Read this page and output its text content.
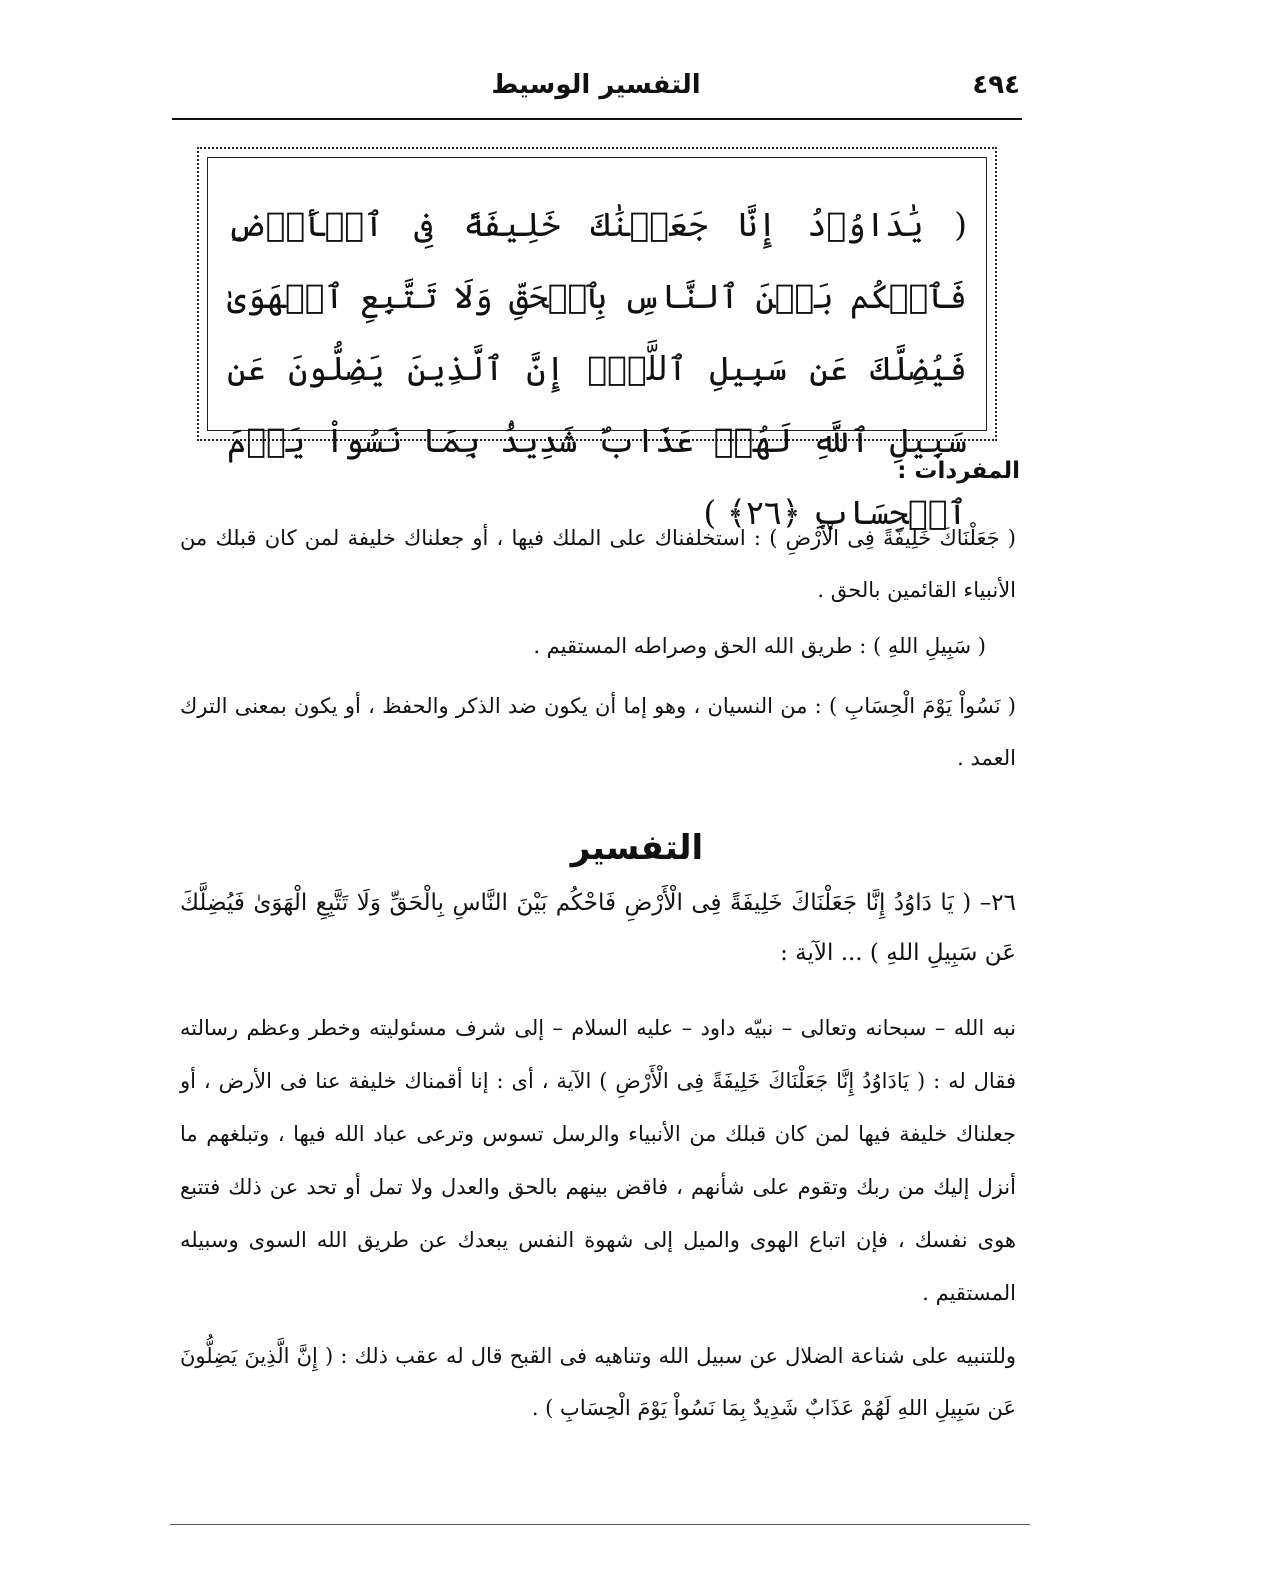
٤٩٤
التفسير الوسيط
( يَٰدَاوُۥدُ إِنَّا جَعَلۡنَٰكَ خَلِيفَةً فِى ٱلۡأَرۡضِ فَٱحۡكُم بَيۡنَ ٱلنَّاسِ بِٱلۡحَقِّ وَلَا تَتَّبِعِ ٱلۡهَوَىٰ فَيُضِلَّكَ عَن سَبِيلِ ٱللَّهِۚ إِنَّ ٱلَّذِينَ يَضِلُّونَ عَن سَبِيلِ ٱللَّهِ لَهُمۡ عَذَابٌ شَدِيدُۢ بِمَا نَسُواْ يَوۡمَ ٱلۡحِسَابِ ﴿٢٦﴾ )
المفردات :
( جَعَلْنَاكَ خَلِيفَةً فِى الْأَرْضِ ) : استخلفناك على الملك فيها ، أو جعلناك خليفة لمن كان قبلك من الأنبياء القائمين بالحق .
( سَبِيلِ اللهِ ) : طريق الله الحق وصراطه المستقيم .
( نَسُواْ يَوْمَ الْحِسَابِ ) : من النسيان ، وهو إما أن يكون ضد الذكر والحفظ ، أو يكون بمعنى الترك العمد .
التفسير
٢٦– ( يَا دَاوُدُ إِنَّا جَعَلْنَاكَ خَلِيفَةً فِى الْأَرْضِ فَاحْكُم بَيْنَ النَّاسِ بِالْحَقِّ وَلَا تَتَّبِعِ الْهَوَىٰ فَيُضِلَّكَ عَن سَبِيلِ اللهِ ) ... الآية :
نبه الله – سبحانه وتعالى – نبيّه داود – عليه السلام – إلى شرف مسئوليته وخطر وعظم رسالته فقال له : ( يَادَاوُدُ إِنَّا جَعَلْنَاكَ خَلِيفَةً فِى الْأَرْضِ ) الآية ، أى : إنا أقمناك خليفة عنا فى الأرض ، أو جعلناك خليفة فيها لمن كان قبلك من الأنبياء والرسل تسوس وترعى عباد الله فيها ، وتبلغهم ما أنزل إليك من ربك وتقوم على شأنهم ، فاقض بينهم بالحق والعدل ولا تمل أو تحد عن ذلك فتتبع هوى نفسك ، فإن اتباع الهوى والميل إلى شهوة النفس يبعدك عن طريق الله السوى وسبيله المستقيم .
وللتنبيه على شناعة الضلال عن سبيل الله وتناهيه فى القبح قال له عقب ذلك : ( إِنَّ الَّذِينَ يَضِلُّونَ عَن سَبِيلِ اللهِ لَهُمْ عَذَابٌ شَدِيدٌ بِمَا نَسُواْ يَوْمَ الْحِسَابِ ) .
